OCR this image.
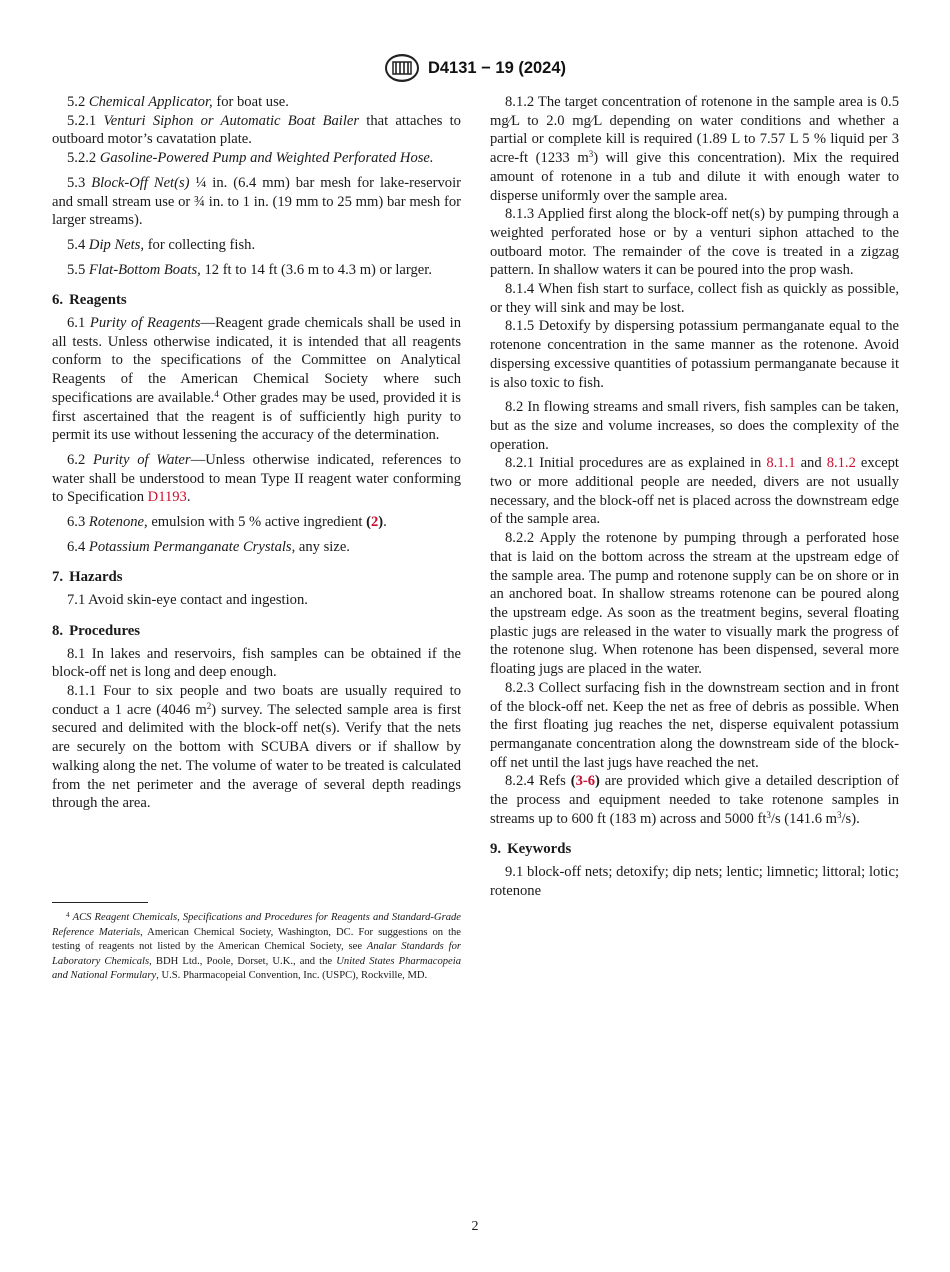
D4131 − 19 (2024)

5.2 Chemical Applicator, for boat use.

5.2.1 Venturi Siphon or Automatic Boat Bailer that attaches to outboard motor’s cavatation plate.

5.2.2 Gasoline-Powered Pump and Weighted Perforated Hose.

5.3 Block-Off Net(s) ¼ in. (6.4 mm) bar mesh for lake-reservoir and small stream use or ¾ in. to 1 in. (19 mm to 25 mm) bar mesh for larger streams).

5.4 Dip Nets, for collecting fish.

5.5 Flat-Bottom Boats, 12 ft to 14 ft (3.6 m to 4.3 m) or larger.

6. Reagents

6.1 Purity of Reagents—Reagent grade chemicals shall be used in all tests. Unless otherwise indicated, it is intended that all reagents conform to the specifications of the Committee on Analytical Reagents of the American Chemical Society where such specifications are available.$^4$ Other grades may be used, provided it is first ascertained that the reagent is of sufficiently high purity to permit its use without lessening the accuracy of the determination.

6.2 Purity of Water—Unless otherwise indicated, references to water shall be understood to mean Type II reagent water conforming to Specification D1193.

6.3 Rotenone, emulsion with 5 % active ingredient (2).

6.4 Potassium Permanganate Crystals, any size.

7. Hazards

7.1 Avoid skin-eye contact and ingestion.

8. Procedures

8.1 In lakes and reservoirs, fish samples can be obtained if the block-off net is long and deep enough.

8.1.1 Four to six people and two boats are usually required to conduct a 1 acre (4046 $m^2$) survey. The selected sample area is first secured and delimited with the block-off net(s). Verify that the nets are securely on the bottom with SCUBA divers or if shallow by walking along the net. The volume of water to be treated is calculated from the net perimeter and the average of several depth readings through the area.

$^4$ ACS Reagent Chemicals, Specifications and Procedures for Reagents and Standard-Grade Reference Materials, American Chemical Society, Washington, DC. For suggestions on the testing of reagents not listed by the American Chemical Society, see Analar Standards for Laboratory Chemicals, BDH Ltd., Poole, Dorset, U.K., and the United States Pharmacopeia and National Formulary, U.S. Pharmacopeial Convention, Inc. (USPC), Rockville, MD.

8.1.2 The target concentration of rotenone in the sample area is 0.5 mg⁄L to 2.0 mg⁄L depending on water conditions and whether a partial or complete kill is required (1.89 L to 7.57 L 5 % liquid per 3 acre-ft (1233 $m^3$) will give this concentration). Mix the required amount of rotenone in a tub and dilute it with enough water to disperse uniformly over the sample area.

8.1.3 Applied first along the block-off net(s) by pumping through a weighted perforated hose or by a venturi siphon attached to the outboard motor. The remainder of the cove is treated in a zigzag pattern. In shallow waters it can be poured into the prop wash.

8.1.4 When fish start to surface, collect fish as quickly as possible, or they will sink and may be lost.

8.1.5 Detoxify by dispersing potassium permanganate equal to the rotenone concentration in the same manner as the rotenone. Avoid dispersing excessive quantities of potassium permanganate because it is also toxic to fish.

8.2 In flowing streams and small rivers, fish samples can be taken, but as the size and volume increases, so does the complexity of the operation.

8.2.1 Initial procedures are as explained in 8.1.1 and 8.1.2 except two or more additional people are needed, divers are not usually necessary, and the block-off net is placed across the downstream edge of the sample area.

8.2.2 Apply the rotenone by pumping through a perforated hose that is laid on the bottom across the stream at the upstream edge of the sample area. The pump and rotenone supply can be on shore or in an anchored boat. In shallow streams rotenone can be poured along the upstream edge. As soon as the treatment begins, several floating plastic jugs are released in the water to visually mark the progress of the rotenone slug. When rotenone has been dispensed, several more floating jugs are placed in the water.

8.2.3 Collect surfacing fish in the downstream section and in front of the block-off net. Keep the net as free of debris as possible. When the first floating jug reaches the net, disperse equivalent potassium permanganate concentration along the downstream side of the block-off net until the last jugs have reached the net.

8.2.4 Refs (3-6) are provided which give a detailed description of the process and equipment needed to take rotenone samples in streams up to 600 ft (183 m) across and 5000 $ft^3/s$ (141.6 $m^3/s$).

9. Keywords

9.1 block-off nets; detoxify; dip nets; lentic; limnetic; littoral; lotic; rotenone

2
